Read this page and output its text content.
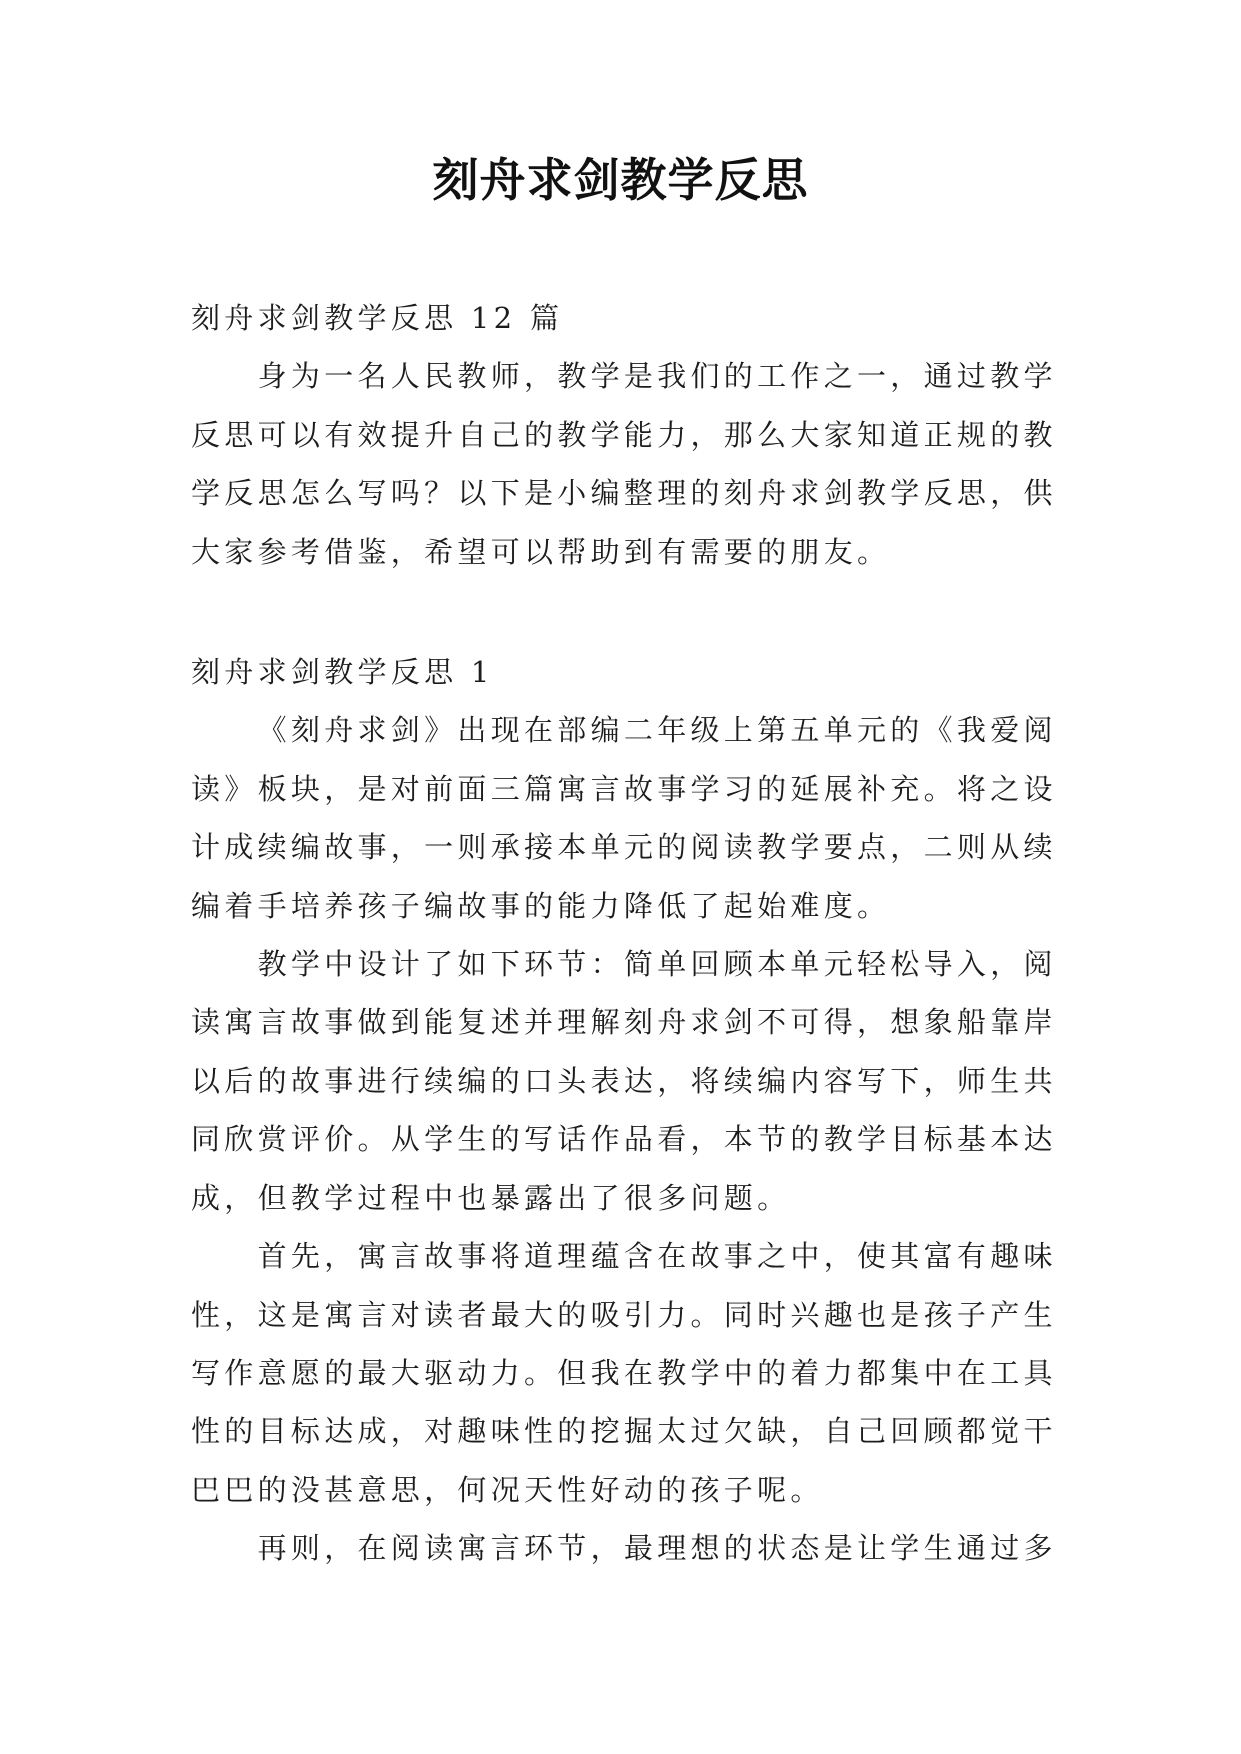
刻舟求剑教学反思
刻舟求剑教学反思 12 篇
身为一名人民教师，教学是我们的工作之一，通过教学
反思可以有效提升自己的教学能力，那么大家知道正规的教
学反思怎么写吗？以下是小编整理的刻舟求剑教学反思，供
大家参考借鉴，希望可以帮助到有需要的朋友。
刻舟求剑教学反思 1
《刻舟求剑》出现在部编二年级上第五单元的《我爱阅
读》板块，是对前面三篇寓言故事学习的延展补充。将之设
计成续编故事，一则承接本单元的阅读教学要点，二则从续
编着手培养孩子编故事的能力降低了起始难度。
教学中设计了如下环节：简单回顾本单元轻松导入，阅
读寓言故事做到能复述并理解刻舟求剑不可得，想象船靠岸
以后的故事进行续编的口头表达，将续编内容写下，师生共
同欣赏评价。从学生的写话作品看，本节的教学目标基本达
成，但教学过程中也暴露出了很多问题。
首先，寓言故事将道理蕴含在故事之中，使其富有趣味
性，这是寓言对读者最大的吸引力。同时兴趣也是孩子产生
写作意愿的最大驱动力。但我在教学中的着力都集中在工具
性的目标达成，对趣味性的挖掘太过欠缺，自己回顾都觉干
巴巴的没甚意思，何况天性好动的孩子呢。
再则，在阅读寓言环节，最理想的状态是让学生通过多
